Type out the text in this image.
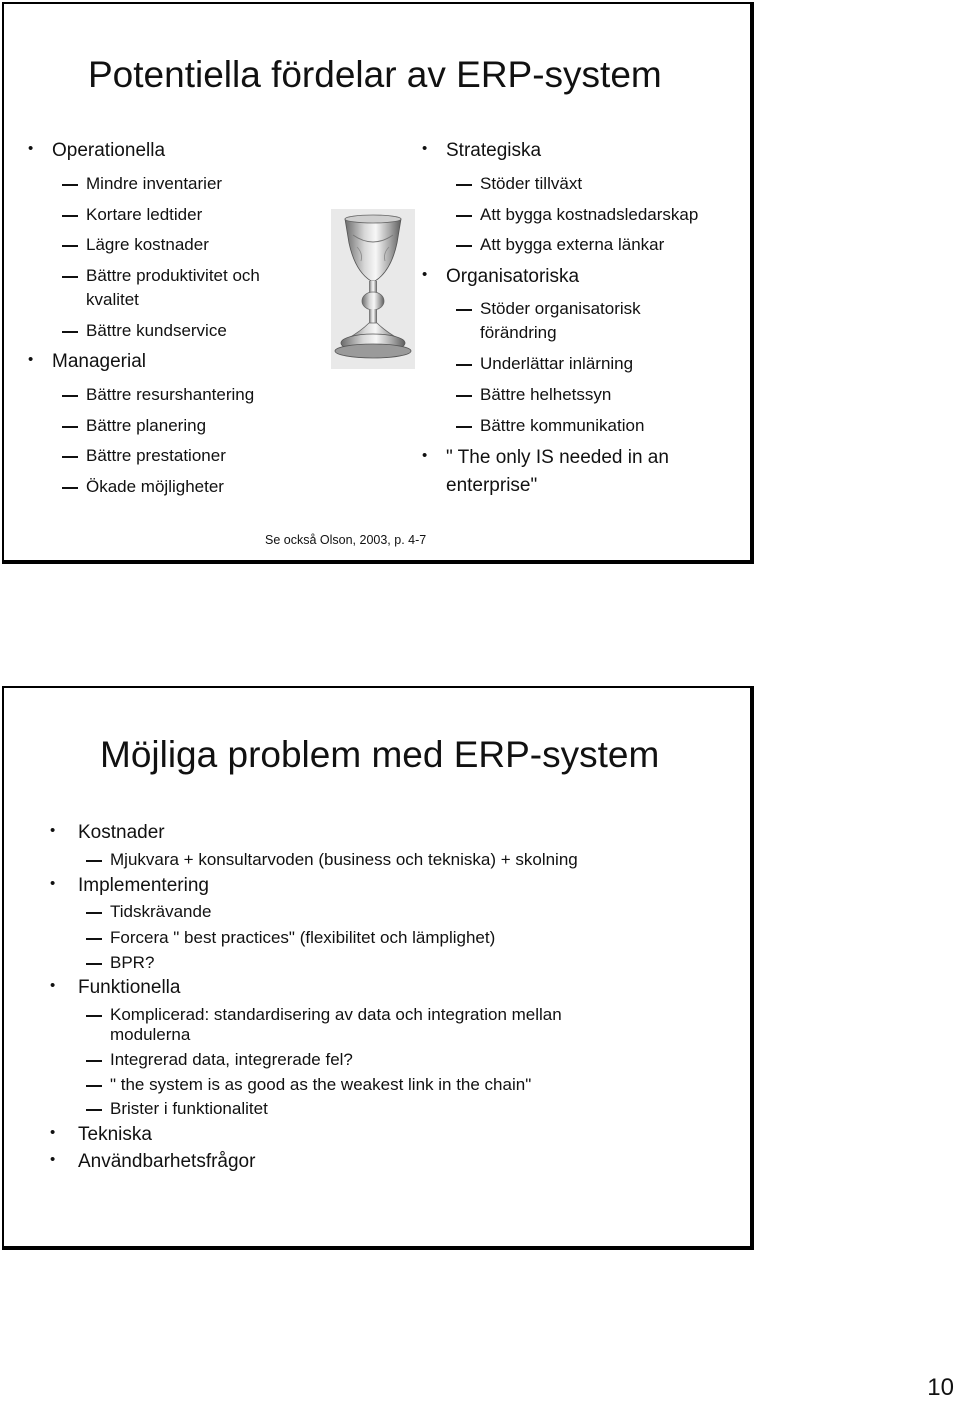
Potentiella fördelar av ERP-system
• Operationella
Mindre inventarier
Kortare ledtider
Lägre kostnader
Bättre produktivitet och
kvalitet
Bättre kundservice
• Managerial
Bättre resurshantering
Bättre planering
Bättre prestationer
Ökade möjligheter
• Strategiska
Stöder tillväxt
Att bygga kostnadsledarskap
Att bygga externa länkar
• Organisatoriska
Stöder organisatorisk
förändring
Underlättar inlärning
Bättre helhetssyn
Bättre kommunikation
• " The only IS needed in an
enterprise"
Se också Olson, 2003, p. 4-7
Möjliga problem med ERP-system
• Kostnader
Mjukvara + konsultarvoden (business och tekniska) + skolning
• Implementering
Tidskrävande
Forcera " best practices" (flexibilitet och lämplighet)
BPR?
• Funktionella
Komplicerad: standardisering av data och integration mellan
modulerna
Integrerad data, integrerade fel?
" the system is as good as the weakest link in the chain"
Brister i funktionalitet
• Tekniska
• Användbarhetsfrågor
10
